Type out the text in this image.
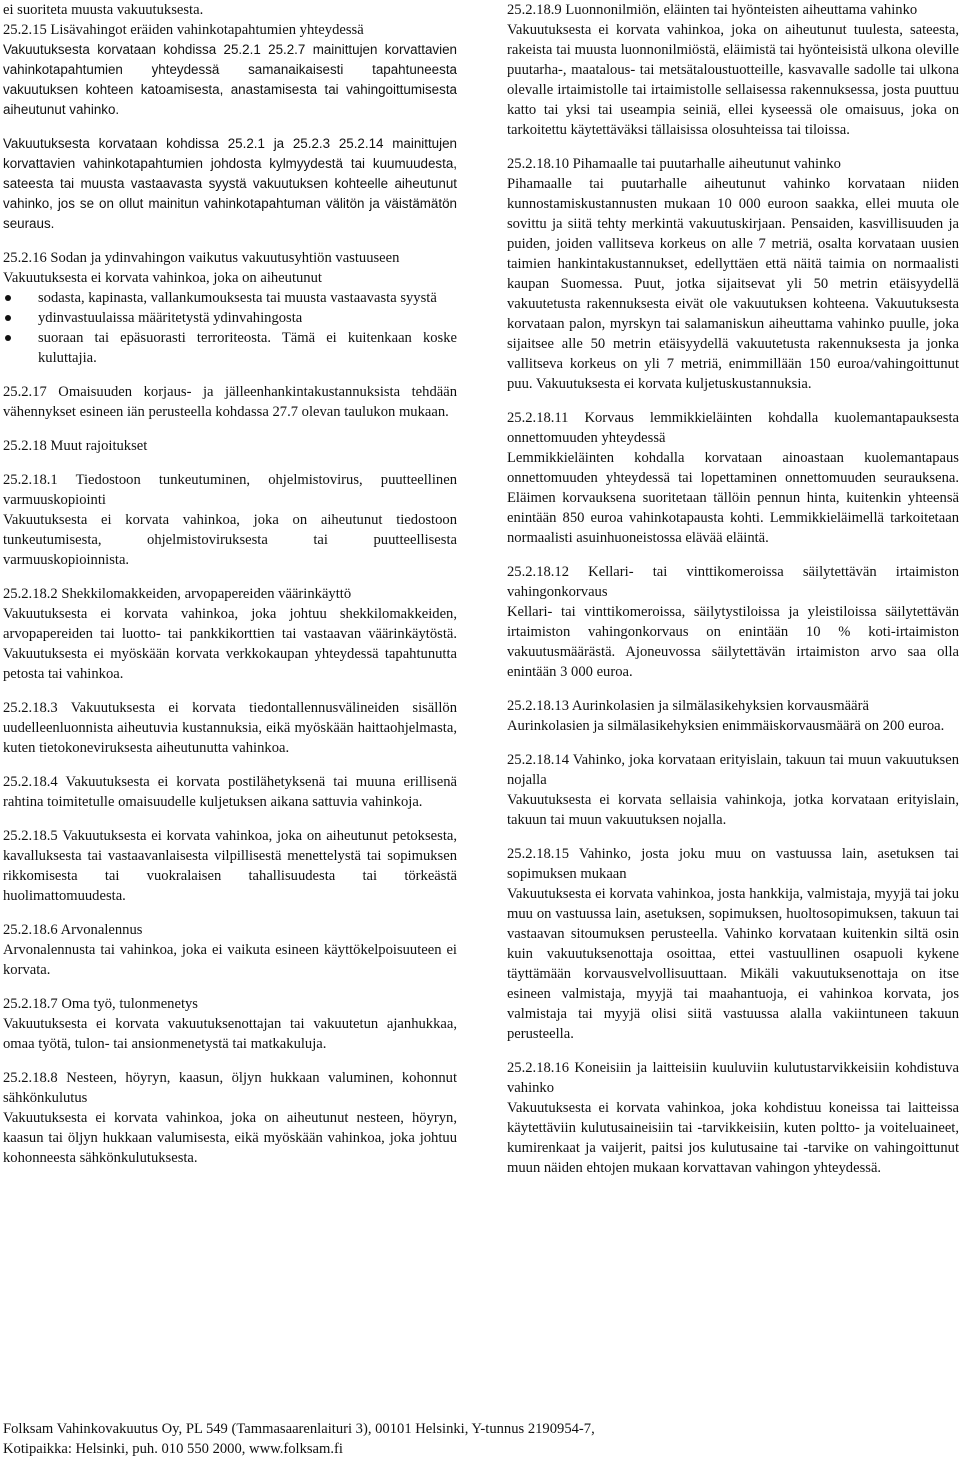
ei suoriteta muusta vakuutuksesta.

25.2.15 Lisävahingot eräiden vahinkotapahtumien yhteydessä

Vakuutuksesta korvataan kohdissa 25.2.1 25.2.7 mainittujen korvattavien vahinkotapahtumien yhteydessä samanaikaisesti tapahtuneesta vakuutuksen kohteen katoamisesta, anastamisesta tai vahingoittumisesta aiheutunut vahinko.

Vakuutuksesta korvataan kohdissa 25.2.1 ja 25.2.3 25.2.14 mainittujen korvattavien vahinkotapahtumien johdosta kylmyydestä tai kuumuudesta, sateesta tai muusta vastaavasta syystä vakuutuksen kohteelle aiheutunut vahinko, jos se on ollut mainitun vahinkotapahtuman välitön ja väistämätön seuraus.

25.2.16 Sodan ja ydinvahingon vaikutus vakuutusyhtiön vastuuseen

Vakuutuksesta ei korvata vahinkoa, joka on aiheutunut

sodasta, kapinasta, vallankumouksesta tai muusta vastaavasta syystä
ydinvastuulaissa määritetystä ydinvahingosta
suoraan tai epäsuorasti terroriteosta. Tämä ei kuitenkaan koske kuluttajia.

25.2.17 Omaisuuden korjaus- ja jälleenhankintakustannuksista tehdään vähennykset esineen iän perusteella kohdassa 27.7 olevan taulukon mukaan.

25.2.18 Muut rajoitukset

25.2.18.1 Tiedostoon tunkeutuminen, ohjelmistovirus, puutteellinen varmuuskopiointi

Vakuutuksesta ei korvata vahinkoa, joka on aiheutunut tiedostoon tunkeutumisesta, ohjelmistoviruksesta tai puutteellisesta varmuuskopioinnista.

25.2.18.2 Shekkilomakkeiden, arvopapereiden väärinkäyttö

Vakuutuksesta ei korvata vahinkoa, joka johtuu shekkilomakkeiden, arvopapereiden tai luotto- tai pankkikorttien tai vastaavan väärinkäytöstä. Vakuutuksesta ei myöskään korvata verkkokaupan yhteydessä tapahtunutta petosta tai vahinkoa.

25.2.18.3 Vakuutuksesta ei korvata tiedontallennusvälineiden sisällön uudelleenluonnista aiheutuvia kustannuksia, eikä myöskään haittaohjelmasta, kuten tietokoneviruksesta aiheutunutta vahinkoa.

25.2.18.4 Vakuutuksesta ei korvata postilähetyksenä tai muuna erillisenä rahtina toimitetulle omaisuudelle kuljetuksen aikana sattuvia vahinkoja.

25.2.18.5 Vakuutuksesta ei korvata vahinkoa, joka on aiheutunut petoksesta, kavalluksesta tai vastaavanlaisesta vilpillisestä menettelystä tai sopimuksen rikkomisesta tai vuokralaisen tahallisuudesta tai törkeästä huolimattomuudesta.

25.2.18.6 Arvonalennus

Arvonalennusta tai vahinkoa, joka ei vaikuta esineen käyttökelpoisuuteen ei korvata.

25.2.18.7 Oma työ, tulonmenetys

Vakuutuksesta ei korvata vakuutuksenottajan tai vakuutetun ajanhukkaa, omaa työtä, tulon- tai ansionmenetystä tai matkakuluja.

25.2.18.8 Nesteen, höyryn, kaasun, öljyn hukkaan valuminen, kohonnut sähkönkulutus

Vakuutuksesta ei korvata vahinkoa, joka on aiheutunut nesteen, höyryn, kaasun tai öljyn hukkaan valumisesta, eikä myöskään vahinkoa, joka johtuu kohonneesta sähkönkulutuksesta.

25.2.18.9 Luonnonilmiön, eläinten tai hyönteisten aiheuttama vahinko

Vakuutuksesta ei korvata vahinkoa, joka on aiheutunut tuulesta, sateesta, rakeista tai muusta luonnonilmiöstä, eläimistä tai hyönteisistä ulkona oleville puutarha-, maatalous- tai metsätaloustuotteille, kasvavalle sadolle tai ulkona olevalle irtaimistolle tai irtaimistolle sellaisessa rakennuksessa, josta puuttuu katto tai yksi tai useampia seiniä, ellei kyseessä ole omaisuus, joka on tarkoitettu käytettäväksi tällaisissa olosuhteissa tai tiloissa.

25.2.18.10 Pihamaalle tai puutarhalle aiheutunut vahinko

Pihamaalle tai puutarhalle aiheutunut vahinko korvataan niiden kunnostamiskustannusten mukaan 10 000 euroon saakka, ellei muuta ole sovittu ja siitä tehty merkintä vakuutuskirjaan. Pensaiden, kasvillisuuden ja puiden, joiden vallitseva korkeus on alle 7 metriä, osalta korvataan uusien taimien hankintakustannukset, edellyttäen että näitä taimia on normaalisti kaupan Suomessa. Puut, jotka sijaitsevat yli 50 metrin etäisyydellä vakuutetusta rakennuksesta eivät ole vakuutuksen kohteena. Vakuutuksesta korvataan palon, myrskyn tai salamaniskun aiheuttama vahinko puulle, joka sijaitsee alle 50 metrin etäisyydellä vakuutetusta rakennuksesta ja jonka vallitseva korkeus on yli 7 metriä, enimmillään 150 euroa/vahingoittunut puu. Vakuutuksesta ei korvata kuljetuskustannuksia.

25.2.18.11 Korvaus lemmikkieläinten kohdalla kuolemantapauksesta onnettomuuden yhteydessä

Lemmikkieläinten kohdalla korvataan ainoastaan kuolemantapaus onnettomuuden yhteydessä tai lopettaminen onnettomuuden seurauksena. Eläimen korvauksena suoritetaan tällöin pennun hinta, kuitenkin yhteensä enintään 850 euroa vahinkotapausta kohti. Lemmikkieläimellä tarkoitetaan normaalisti asuinhuoneistossa elävää eläintä.

25.2.18.12 Kellari- tai vinttikomeroissa säilytettävän irtaimiston vahingonkorvaus

Kellari- tai vinttikomeroissa, säilytystiloissa ja yleistiloissa säilytettävän irtaimiston vahingonkorvaus on enintään 10 % koti-irtaimiston vakuutusmäärästä. Ajoneuvossa säilytettävän irtaimiston arvo saa olla enintään 3 000 euroa.

25.2.18.13 Aurinkolasien ja silmälasikehyksien korvausmäärä

Aurinkolasien ja silmälasikehyksien enimmäiskorvausmäärä on 200 euroa.

25.2.18.14 Vahinko, joka korvataan erityislain, takuun tai muun vakuutuksen nojalla

Vakuutuksesta ei korvata sellaisia vahinkoja, jotka korvataan erityislain, takuun tai muun vakuutuksen nojalla.

25.2.18.15 Vahinko, josta joku muu on vastuussa lain, asetuksen tai sopimuksen mukaan

Vakuutuksesta ei korvata vahinkoa, josta hankkija, valmistaja, myyjä tai joku muu on vastuussa lain, asetuksen, sopimuksen, huoltosopimuksen, takuun tai vastaavan sitoumuksen perusteella. Vahinko korvataan kuitenkin siltä osin kuin vakuutuksenottaja osoittaa, ettei vastuullinen osapuoli kykene täyttämään korvausvelvollisuuttaan. Mikäli vakuutuksenottaja on itse esineen valmistaja, myyjä tai maahantuoja, ei vahinkoa korvata, jos valmistaja tai myyjä olisi siitä vastuussa alalla vakiintuneen takuun perusteella.

25.2.18.16 Koneisiin ja laitteisiin kuuluviin kulutustarvikkeisiin kohdistuva vahinko

Vakuutuksesta ei korvata vahinkoa, joka kohdistuu koneissa tai laitteissa käytettäviin kulutusaineisiin tai -tarvikkeisiin, kuten poltto- ja voiteluaineet, kumirenkaat ja vaijerit, paitsi jos kulutusaine tai -tarvike on vahingoittunut muun näiden ehtojen mukaan korvattavan vahingon yhteydessä.

Folksam Vahinkovakuutus Oy, PL 549 (Tammasaarenlaituri 3), 00101 Helsinki, Y-tunnus 2190954-7,

Kotipaikka: Helsinki, puh. 010 550 2000, www.folksam.fi
